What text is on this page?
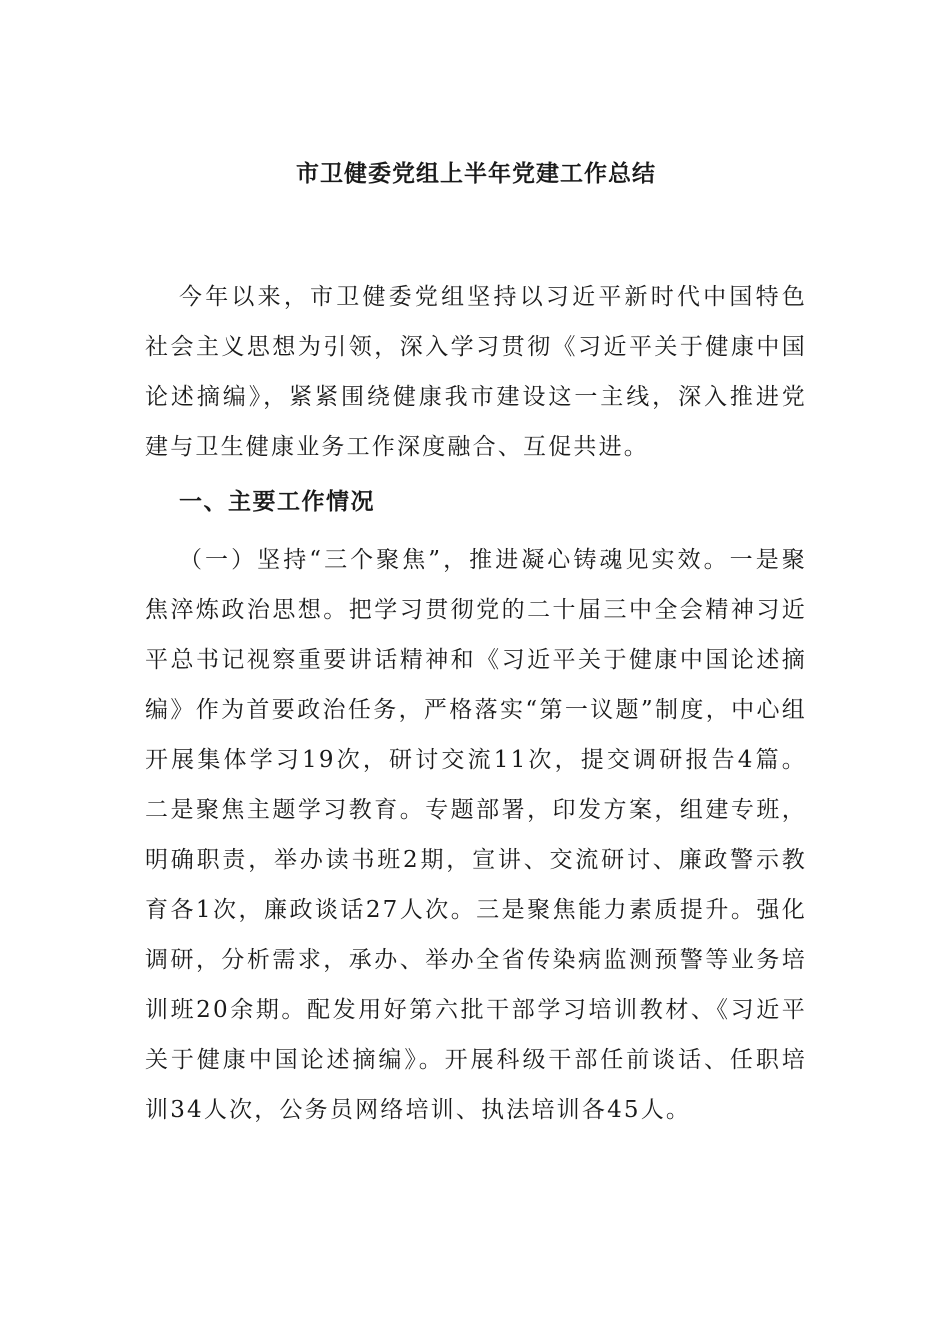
市卫健委党组上半年党建工作总结

今年以来，市卫健委党组坚持以习近平新时代中国特色社会主义思想为引领，深入学习贯彻《习近平关于健康中国论述摘编》，紧紧围绕健康我市建设这一主线，深入推进党建与卫生健康业务工作深度融合、互促共进。

一、主要工作情况

（一）坚持“三个聚焦”，推进凝心铸魂见实效。一是聚焦淬炼政治思想。把学习贯彻党的二十届三中全会精神习近平总书记视察重要讲话精神和《习近平关于健康中国论述摘编》作为首要政治任务，严格落实“第一议题”制度，中心组开展集体学习19次，研讨交流11次，提交调研报告4篇。二是聚焦主题学习教育。专题部署，印发方案，组建专班，明确职责，举办读书班2期，宣讲、交流研讨、廉政警示教育各1次，廉政谈话27人次。三是聚焦能力素质提升。强化调研，分析需求，承办、举办全省传染病监测预警等业务培训班20余期。配发用好第六批干部学习培训教材、《习近平关于健康中国论述摘编》。开展科级干部任前谈话、任职培训34人次，公务员网络培训、执法培训各45人。
